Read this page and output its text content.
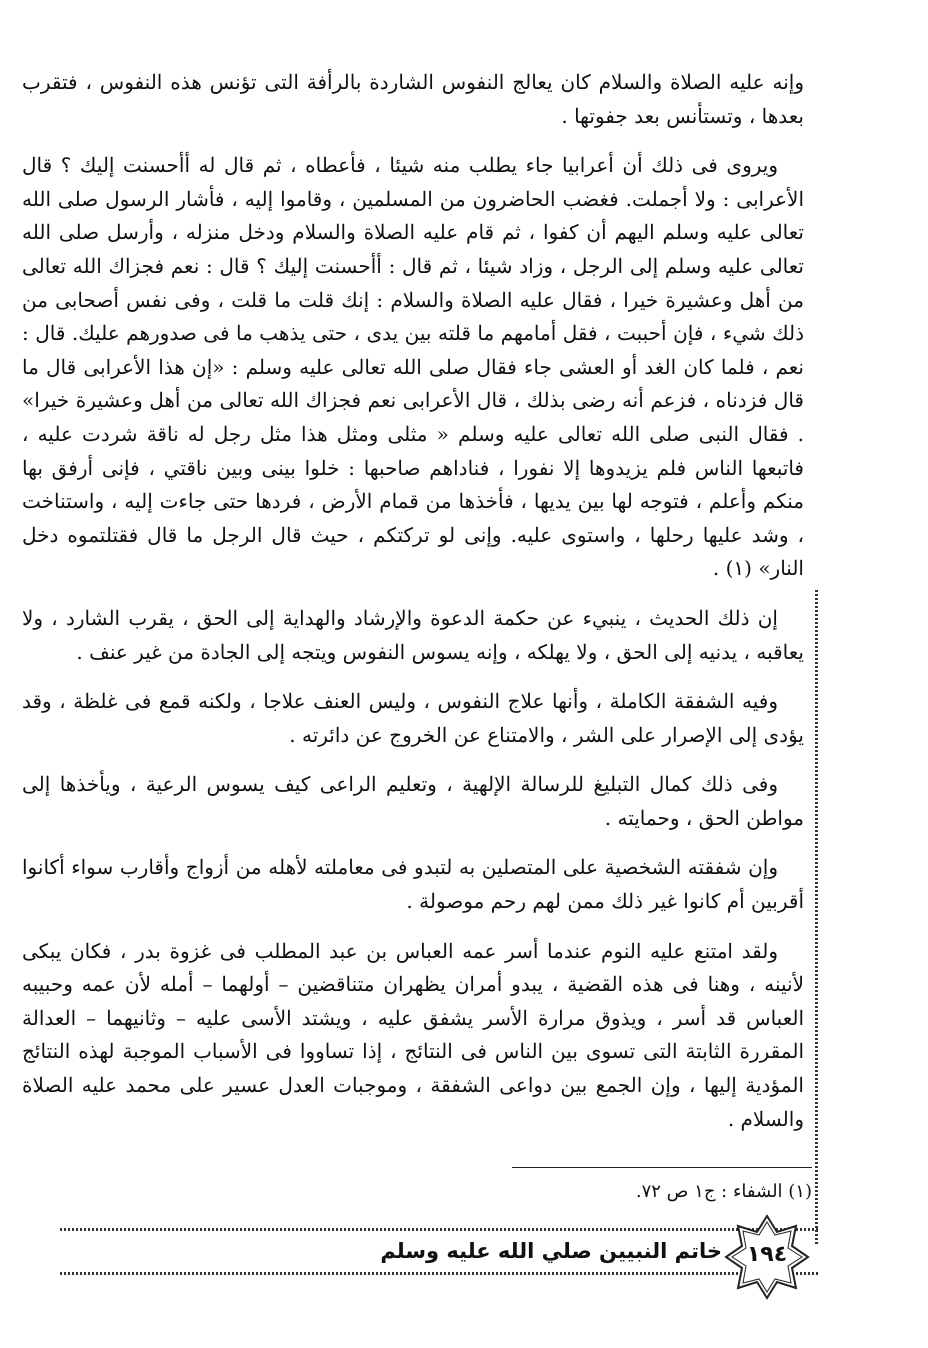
وإنه عليه الصلاة والسلام كان يعالج النفوس الشاردة بالرأفة التى تؤنس هذه النفوس ، فتقرب بعدها ، وتستأنس بعد جفوتها .

ويروى فى ذلك أن أعرابيا جاء يطلب منه شيئا ، فأعطاه ، ثم قال له أأحسنت إليك ؟ قال الأعرابى : ولا أجملت. فغضب الحاضرون من المسلمين ، وقاموا إليه ، فأشار الرسول صلى الله تعالى عليه وسلم اليهم أن كفوا ، ثم قام عليه الصلاة والسلام ودخل منزله ، وأرسل صلى الله تعالى عليه وسلم إلى الرجل ، وزاد شيئا ، ثم قال : أأحسنت إليك ؟ قال : نعم فجزاك الله تعالى من أهل وعشيرة خيرا ، فقال عليه الصلاة والسلام : إنك قلت ما قلت ، وفى نفس أصحابى من ذلك شيء ، فإن أحببت ، فقل أمامهم ما قلته بين يدى ، حتى يذهب ما فى صدورهم عليك. قال : نعم ، فلما كان الغد أو العشى جاء فقال صلى الله تعالى عليه وسلم : «إن هذا الأعرابى قال ما قال فزدناه ، فزعم أنه رضى بذلك ، قال الأعرابى نعم فجزاك الله تعالى من أهل وعشيرة خيرا» . فقال النبى صلى الله تعالى عليه وسلم « مثلى ومثل هذا مثل رجل له ناقة شردت عليه ، فاتبعها الناس فلم يزيدوها إلا نفورا ، فناداهم صاحبها : خلوا بينى وبين ناقتي ، فإنى أرفق بها منكم وأعلم ، فتوجه لها بين يديها ، فأخذها من قمام الأرض ، فردها حتى جاءت إليه ، واستناخت ، وشد عليها رحلها ، واستوى عليه. وإنى لو تركتكم ، حيث قال الرجل ما قال فقتلتموه دخل النار» (١) .

إن ذلك الحديث ، ينبيء عن حكمة الدعوة والإرشاد والهداية إلى الحق ، يقرب الشارد ، ولا يعاقبه ، يدنيه إلى الحق ، ولا يهلكه ، وإنه يسوس النفوس ويتجه إلى الجادة من غير عنف .

وفيه الشفقة الكاملة ، وأنها علاج النفوس ، وليس العنف علاجا ، ولكنه قمع فى غلظة ، وقد يؤدى إلى الإصرار على الشر ، والامتناع عن الخروج عن دائرته .

وفى ذلك كمال التبليغ للرسالة الإلهية ، وتعليم الراعى كيف يسوس الرعية ، ويأخذها إلى مواطن الحق ، وحمايته .

وإن شفقته الشخصية على المتصلين به لتبدو فى معاملته لأهله من أزواج وأقارب سواء أكانوا أقربين أم كانوا غير ذلك ممن لهم رحم موصولة .

ولقد امتنع عليه النوم عندما أسر عمه العباس بن عبد المطلب فى غزوة بدر ، فكان يبكى لأنينه ، وهنا فى هذه القضية ، يبدو أمران يظهران متناقضين – أولهما – أمله لأن عمه وحبيبه العباس قد أسر ، ويذوق مرارة الأسر يشفق عليه ، ويشتد الأسى عليه – وثانيهما – العدالة المقررة الثابتة التى تسوى بين الناس فى النتائج ، إذا تساووا فى الأسباب الموجبة لهذه النتائج المؤدية إليها ، وإن الجمع بين دواعى الشفقة ، وموجبات العدل عسير على محمد عليه الصلاة والسلام .

(١) الشفاء : ج١ ص ٧٢.
خاتم النبيين صلي الله عليه وسلم	١٩٤
